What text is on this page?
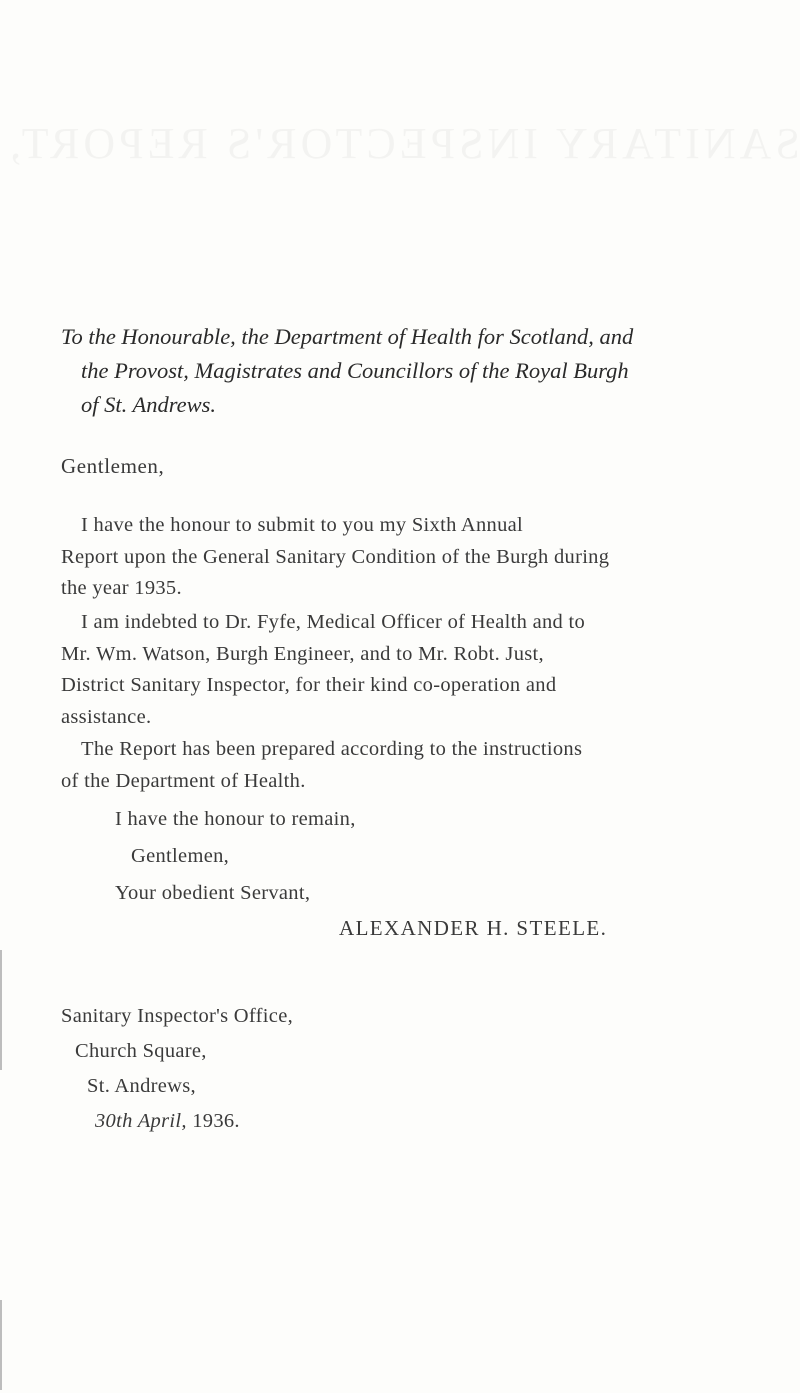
To the Honourable, the Department of Health for Scotland, and
the Provost, Magistrates and Councillors of the Royal Burgh
of St. Andrews.
Gentlemen,
I have the honour to submit to you my Sixth Annual
Report upon the General Sanitary Condition of the Burgh during
the year 1935.
I am indebted to Dr. Fyfe, Medical Officer of Health and to
Mr. Wm. Watson, Burgh Engineer, and to Mr. Robt. Just,
District Sanitary Inspector, for their kind co-operation and
assistance.
The Report has been prepared according to the instructions
of the Department of Health.
I have the honour to remain,
Gentlemen,
Your obedient Servant,
ALEXANDER H. STEELE.
Sanitary Inspector's Office,
Church Square,
St. Andrews,
30th April, 1936.
